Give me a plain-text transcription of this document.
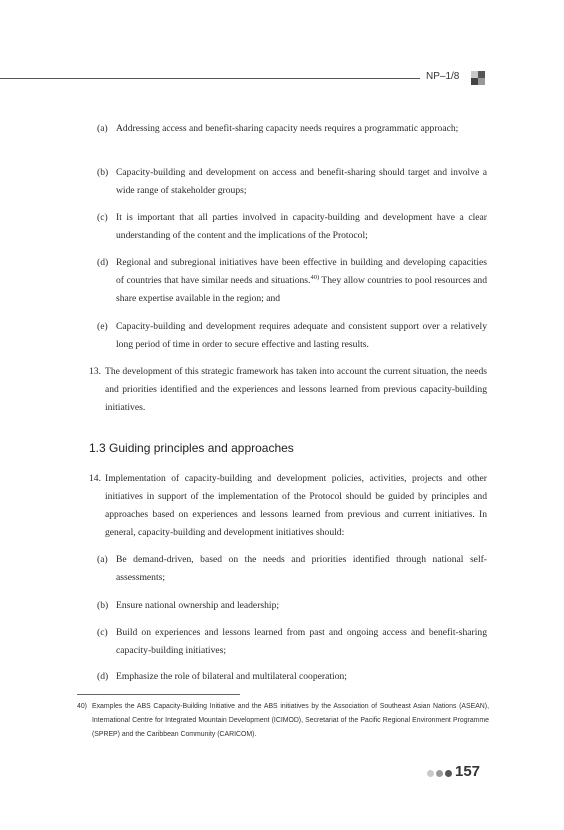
NP–1/8
(a) Addressing access and benefit-sharing capacity needs requires a programmatic approach;
(b) Capacity-building and development on access and benefit-sharing should target and involve a wide range of stakeholder groups;
(c) It is important that all parties involved in capacity-building and development have a clear understanding of the content and the implications of the Protocol;
(d) Regional and subregional initiatives have been effective in building and developing capacities of countries that have similar needs and situations.$^{40)}$ They allow countries to pool resources and share expertise available in the region; and
(e) Capacity-building and development requires adequate and consistent support over a relatively long period of time in order to secure effective and lasting results.
13. The development of this strategic framework has taken into account the current situation, the needs and priorities identified and the experiences and lessons learned from previous capacity-building initiatives.
1.3 Guiding principles and approaches
14. Implementation of capacity-building and development policies, activities, projects and other initiatives in support of the implementation of the Protocol should be guided by principles and approaches based on experiences and lessons learned from previous and current initiatives. In general, capacity-building and development initiatives should:
(a) Be demand-driven, based on the needs and priorities identified through national self-assessments;
(b) Ensure national ownership and leadership;
(c) Build on experiences and lessons learned from past and ongoing access and benefit-sharing capacity-building initiatives;
(d) Emphasize the role of bilateral and multilateral cooperation;
40) Examples the ABS Capacity-Building Initiative and the ABS initiatives by the Association of Southeast Asian Nations (ASEAN), International Centre for Integrated Mountain Development (ICIMOD), Secretariat of the Pacific Regional Environment Programme (SPREP) and the Caribbean Community (CARICOM).
157
